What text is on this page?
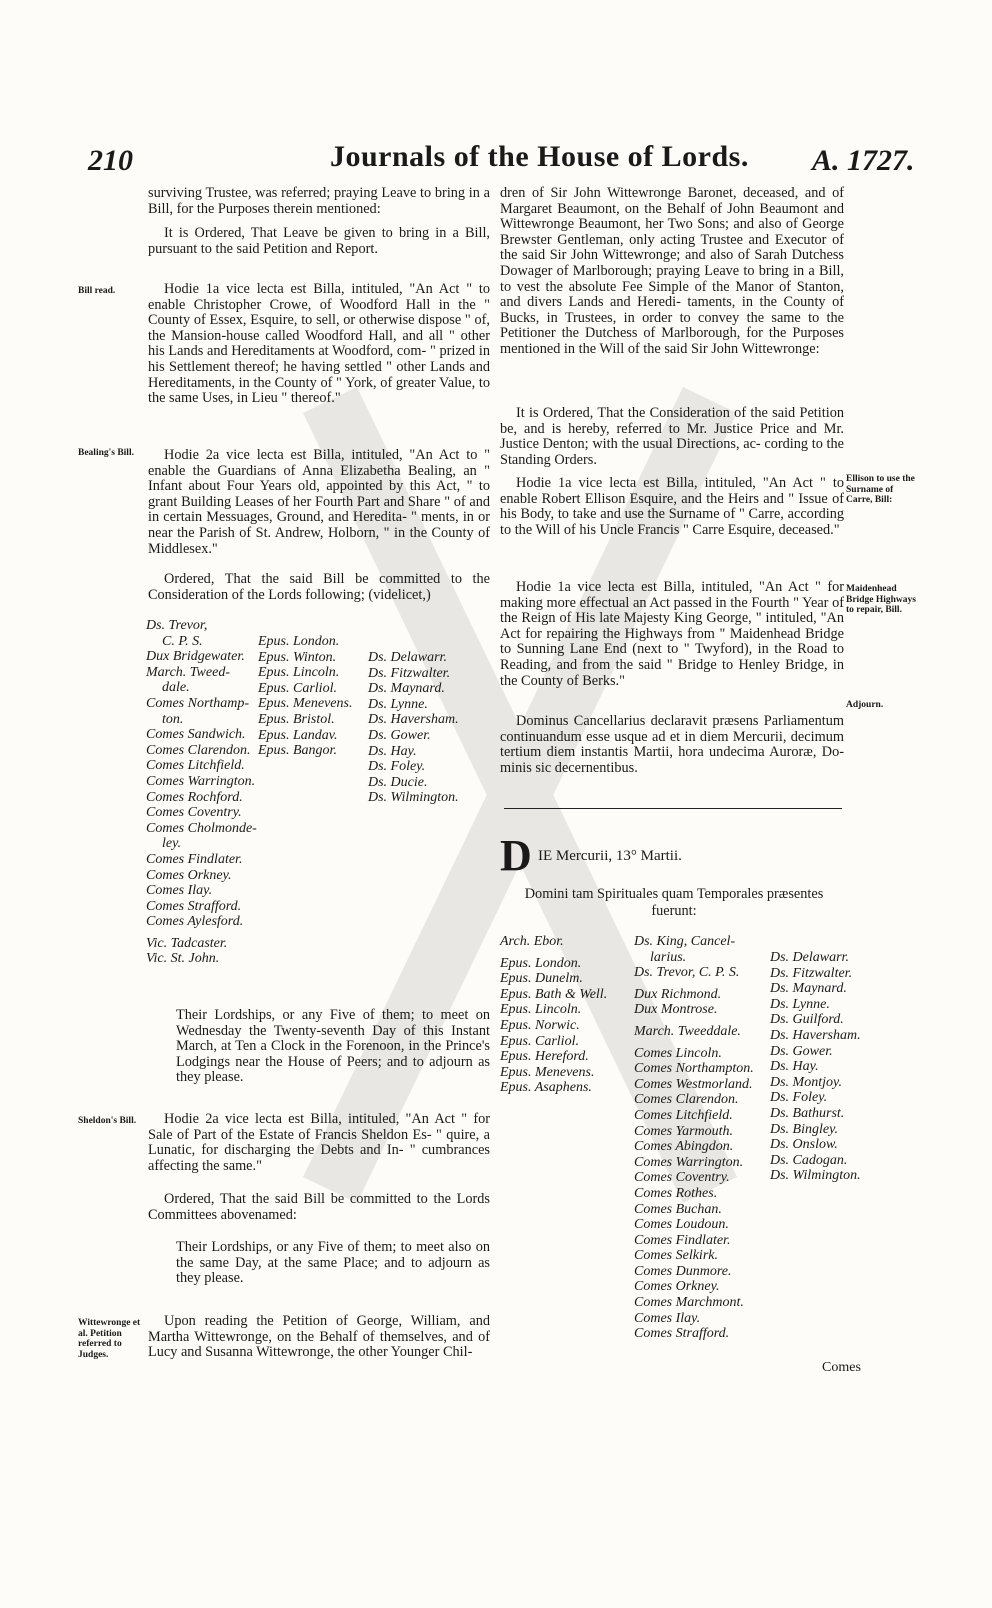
210	Journals of the House of Lords. A. 1727.
Bill read.
Bealing's Bill.
Sheldon's Bill.
Wittewronge et al. Petition referred to Judges.
Ellison to use the Surname of Carre, Bill:
Maidenhead Bridge Highways to repair, Bill.
Adjourn.

surviving Trustee, was referred; praying Leave to bring in a Bill, for the Purposes therein mentioned:

It is Ordered, That Leave be given to bring in a Bill, pursuant to the said Petition and Report.

Hodie 1a vice lecta est Billa, intituled, "An Act " to enable Christopher Crowe, of Woodford Hall in the " County of Essex, Esquire, to sell, or otherwise dispose " of, the Mansion-house called Woodford Hall, and all " other his Lands and Hereditaments at Woodford, com- " prized in his Settlement thereof; he having settled " other Lands and Hereditaments, in the County of " York, of greater Value, to the same Uses, in Lieu " thereof."

Hodie 2a vice lecta est Billa, intituled, "An Act to " enable the Guardians of Anna Elizabetha Bealing, an " Infant about Four Years old, appointed by this Act, " to grant Building Leases of her Fourth Part and Share " of and in certain Messuages, Ground, and Heredita- " ments, in or near the Parish of St. Andrew, Holborn, " in the County of Middlesex."

Ordered, That the said Bill be committed to the Consideration of the Lords following; (videlicet,)

Ds. Trevor,
C. P. S.
Dux Bridgewater.
March. Tweed-
dale.
Comes Northamp-
ton.
Comes Sandwich.
Comes Clarendon.
Comes Litchfield.
Comes Warrington.
Comes Rochford.
Comes Coventry.
Comes Cholmonde-
ley.
Comes Findlater.
Comes Orkney.
Comes Ilay.
Comes Strafford.
Comes Aylesford.
Vic. Tadcaster.
Vic. St. John.
Epus. London.
Epus. Winton.
Epus. Lincoln.
Epus. Carliol.
Epus. Menevens.
Epus. Bristol.
Epus. Landav.
Epus. Bangor.
Ds. Delawarr.
Ds. Fitzwalter.
Ds. Maynard.
Ds. Lynne.
Ds. Haversham.
Ds. Gower.
Ds. Hay.
Ds. Foley.
Ds. Ducie.
Ds. Wilmington.

Their Lordships, or any Five of them; to meet on Wednesday the Twenty-seventh Day of this Instant March, at Ten a Clock in the Forenoon, in the Prince's Lodgings near the House of Peers; and to adjourn as they please.

Hodie 2a vice lecta est Billa, intituled, "An Act " for Sale of Part of the Estate of Francis Sheldon Es- " quire, a Lunatic, for discharging the Debts and In- " cumbrances affecting the same."

Ordered, That the said Bill be committed to the Lords Committees abovenamed:

Their Lordships, or any Five of them; to meet also on the same Day, at the same Place; and to adjourn as they please.

Upon reading the Petition of George, William, and Martha Wittewronge, on the Behalf of themselves, and of Lucy and Susanna Wittewronge, the other Younger Chil-

dren of Sir John Wittewronge Baronet, deceased, and of Margaret Beaumont, on the Behalf of John Beaumont and Wittewronge Beaumont, her Two Sons; and also of George Brewster Gentleman, only acting Trustee and Executor of the said Sir John Wittewronge; and also of Sarah Dutchess Dowager of Marlborough; praying Leave to bring in a Bill, to vest the absolute Fee Simple of the Manor of Stanton, and divers Lands and Heredi- taments, in the County of Bucks, in Trustees, in order to convey the same to the Petitioner the Dutchess of Marlborough, for the Purposes mentioned in the Will of the said Sir John Wittewronge:

It is Ordered, That the Consideration of the said Petition be, and is hereby, referred to Mr. Justice Price and Mr. Justice Denton; with the usual Directions, ac- cording to the Standing Orders.

Hodie 1a vice lecta est Billa, intituled, "An Act " to enable Robert Ellison Esquire, and the Heirs and " Issue of his Body, to take and use the Surname of " Carre, according to the Will of his Uncle Francis " Carre Esquire, deceased."

Hodie 1a vice lecta est Billa, intituled, "An Act " for making more effectual an Act passed in the Fourth " Year of the Reign of His late Majesty King George, " intituled, "An Act for repairing the Highways from " Maidenhead Bridge to Sunning Lane End (next to " Twyford), in the Road to Reading, and from the said " Bridge to Henley Bridge, in the County of Berks."

Dominus Cancellarius declaravit præsens Parliamentum continuandum esse usque ad et in diem Mercurii, decimum tertium diem instantis Martii, hora undecima Auroræ, Do- minis sic decernentibus.

D IE Mercurii, 13° Martii.
Domini tam Spirituales quam Temporales præsentes fuerunt:
Arch. Ebor.
Epus. London.
Epus. Dunelm.
Epus. Bath & Well.
Epus. Lincoln.
Epus. Norwic.
Epus. Carliol.
Epus. Hereford.
Epus. Menevens.
Epus. Asaphens.
Ds. King, Cancel-
larius.
Ds. Trevor, C. P. S.
Dux Richmond.
Dux Montrose.
March. Tweeddale.
Comes Lincoln.
Comes Northampton.
Comes Westmorland.
Comes Clarendon.
Comes Litchfield.
Comes Yarmouth.
Comes Abingdon.
Comes Warrington.
Comes Coventry.
Comes Rothes.
Comes Buchan.
Comes Loudoun.
Comes Findlater.
Comes Selkirk.
Comes Dunmore.
Comes Orkney.
Comes Marchmont.
Comes Ilay.
Comes Strafford.
Ds. Delawarr.
Ds. Fitzwalter.
Ds. Maynard.
Ds. Lynne.
Ds. Guilford.
Ds. Haversham.
Ds. Gower.
Ds. Hay.
Ds. Montjoy.
Ds. Foley.
Ds. Bathurst.
Ds. Bingley.
Ds. Onslow.
Ds. Cadogan.
Ds. Wilmington.
Comes
